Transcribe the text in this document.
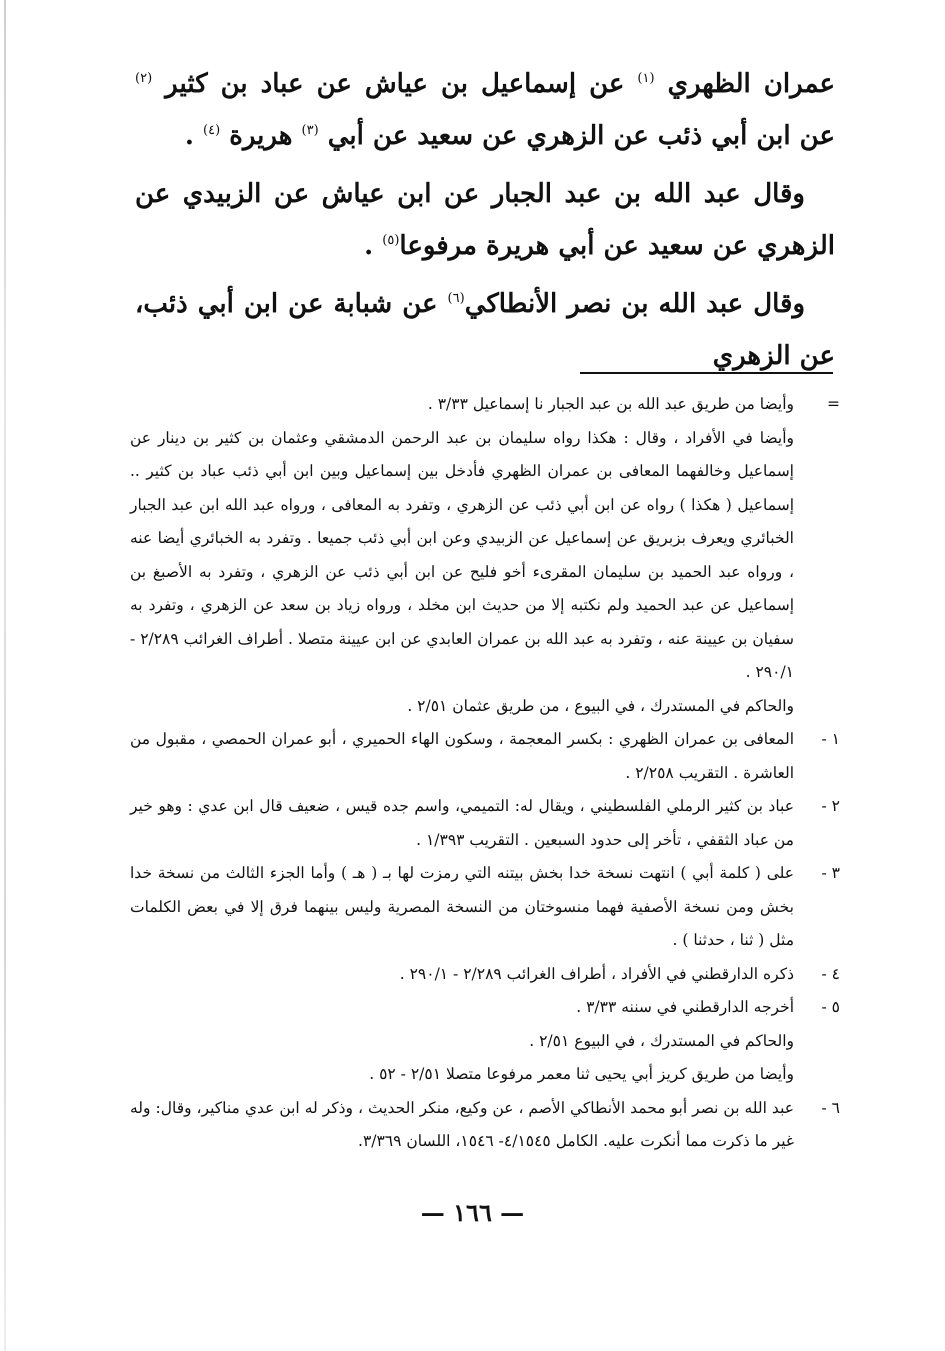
عمران الظهري $^{(١)}$ عن إسماعيل بن عياش عن عباد بن كثير $^{(٢)}$ عن ابن أبي ذئب عن الزهري عن سعيد عن أبي $^{(٣)}$ هريرة $^{(٤)}$ .

وقال عبد الله بن عبد الجبار عن ابن عياش عن الزبيدي عن الزهري عن سعيد عن أبي هريرة مرفوعا$^{(٥)}$ .

وقال عبد الله بن نصر الأنطاكي$^{(٦)}$ عن شبابة عن ابن أبي ذئب، عن الزهري

=
وأيضا من طريق عبد الله بن عبد الجبار نا إسماعيل ٣/٣٣ .
وأيضا في الأفراد ، وقال : هكذا رواه سليمان بن عبد الرحمن الدمشقي وعثمان بن كثير بن دينار عن إسماعيل وخالفهما المعافى بن عمران الظهري فأدخل بين إسماعيل وبين ابن أبي ذئب عباد بن كثير .. إسماعيل ( هكذا ) رواه عن ابن أبي ذئب عن الزهري ، وتفرد به المعافى ، ورواه عبد الله ابن عبد الجبار الخبائري ويعرف بزبريق عن إسماعيل عن الزبيدي وعن ابن أبي ذئب جميعا . وتفرد به الخبائري أيضا عنه ، ورواه عبد الحميد بن سليمان المقرىء أخو فليح عن ابن أبي ذئب عن الزهري ، وتفرد به الأصبغ بن إسماعيل عن عبد الحميد ولم نكتبه إلا من حديث ابن مخلد ، ورواه زياد بن سعد عن الزهري ، وتفرد به سفيان بن عيينة عنه ، وتفرد به عبد الله بن عمران العابدي عن ابن عيينة متصلا . أطراف الغرائب ٢/٢٨٩ - ٢٩٠/١ .
والحاكم في المستدرك ، في البيوع ، من طريق عثمان ٢/٥١ .
١ -
المعافى بن عمران الظهري : بكسر المعجمة ، وسكون الهاء الحميري ، أبو عمران الحمصي ، مقبول من العاشرة . التقريب ٢/٢٥٨ .
٢ -
عباد بن كثير الرملي الفلسطيني ، ويقال له: التميمي، واسم جده قيس ، ضعيف قال ابن عدي : وهو خير من عباد الثقفي ، تأخر إلى حدود السبعين . التقريب ١/٣٩٣ .
٣ -
على ( كلمة أبي ) انتهت نسخة خدا بخش بيتنه التي رمزت لها بـ ( هـ ) وأما الجزء الثالث من نسخة خدا بخش ومن نسخة الأصفية فهما منسوختان من النسخة المصرية وليس بينهما فرق إلا في بعض الكلمات مثل ( ثنا ، حدثنا ) .
٤ -
ذكره الدارقطني في الأفراد ، أطراف الغرائب ٢/٢٨٩ - ٢٩٠/١ .
٥ -
أخرجه الدارقطني في سننه ٣/٣٣ .
والحاكم في المستدرك ، في البيوع ٢/٥١ .
وأيضا من طريق كريز أبي يحيى ثنا معمر مرفوعا متصلا ٢/٥١ - ٥٢ .
٦ -
عبد الله بن نصر أبو محمد الأنطاكي الأصم ، عن وكيع، منكر الحديث ، وذكر له ابن عدي مناكير، وقال: وله غير ما ذكرت مما أنكرت عليه. الكامل ٤/١٥٤٥- ١٥٤٦، اللسان ٣/٣٦٩.
— ١٦٦ —
